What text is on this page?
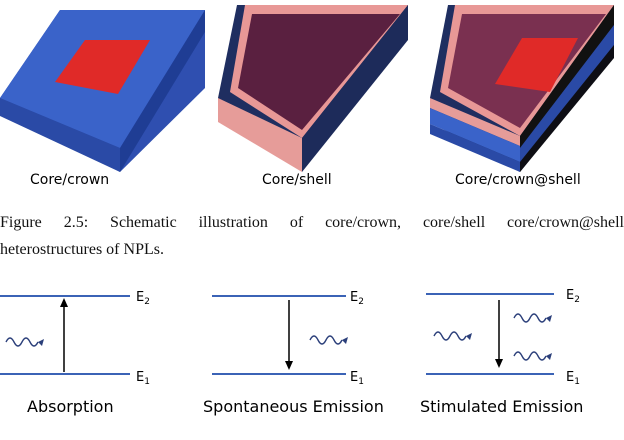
$E_2$
$E_1$
$E_2$
$E_1$
$E_2$
$E_1$
Core/crown	Core/shell	Core/crown@shell
Figure 2.5: Schematic illustration of core/crown, core/shell core/crown@shell
heterostructures of NPLs.
Absorption	Spontaneous Emission Stimulated Emission
